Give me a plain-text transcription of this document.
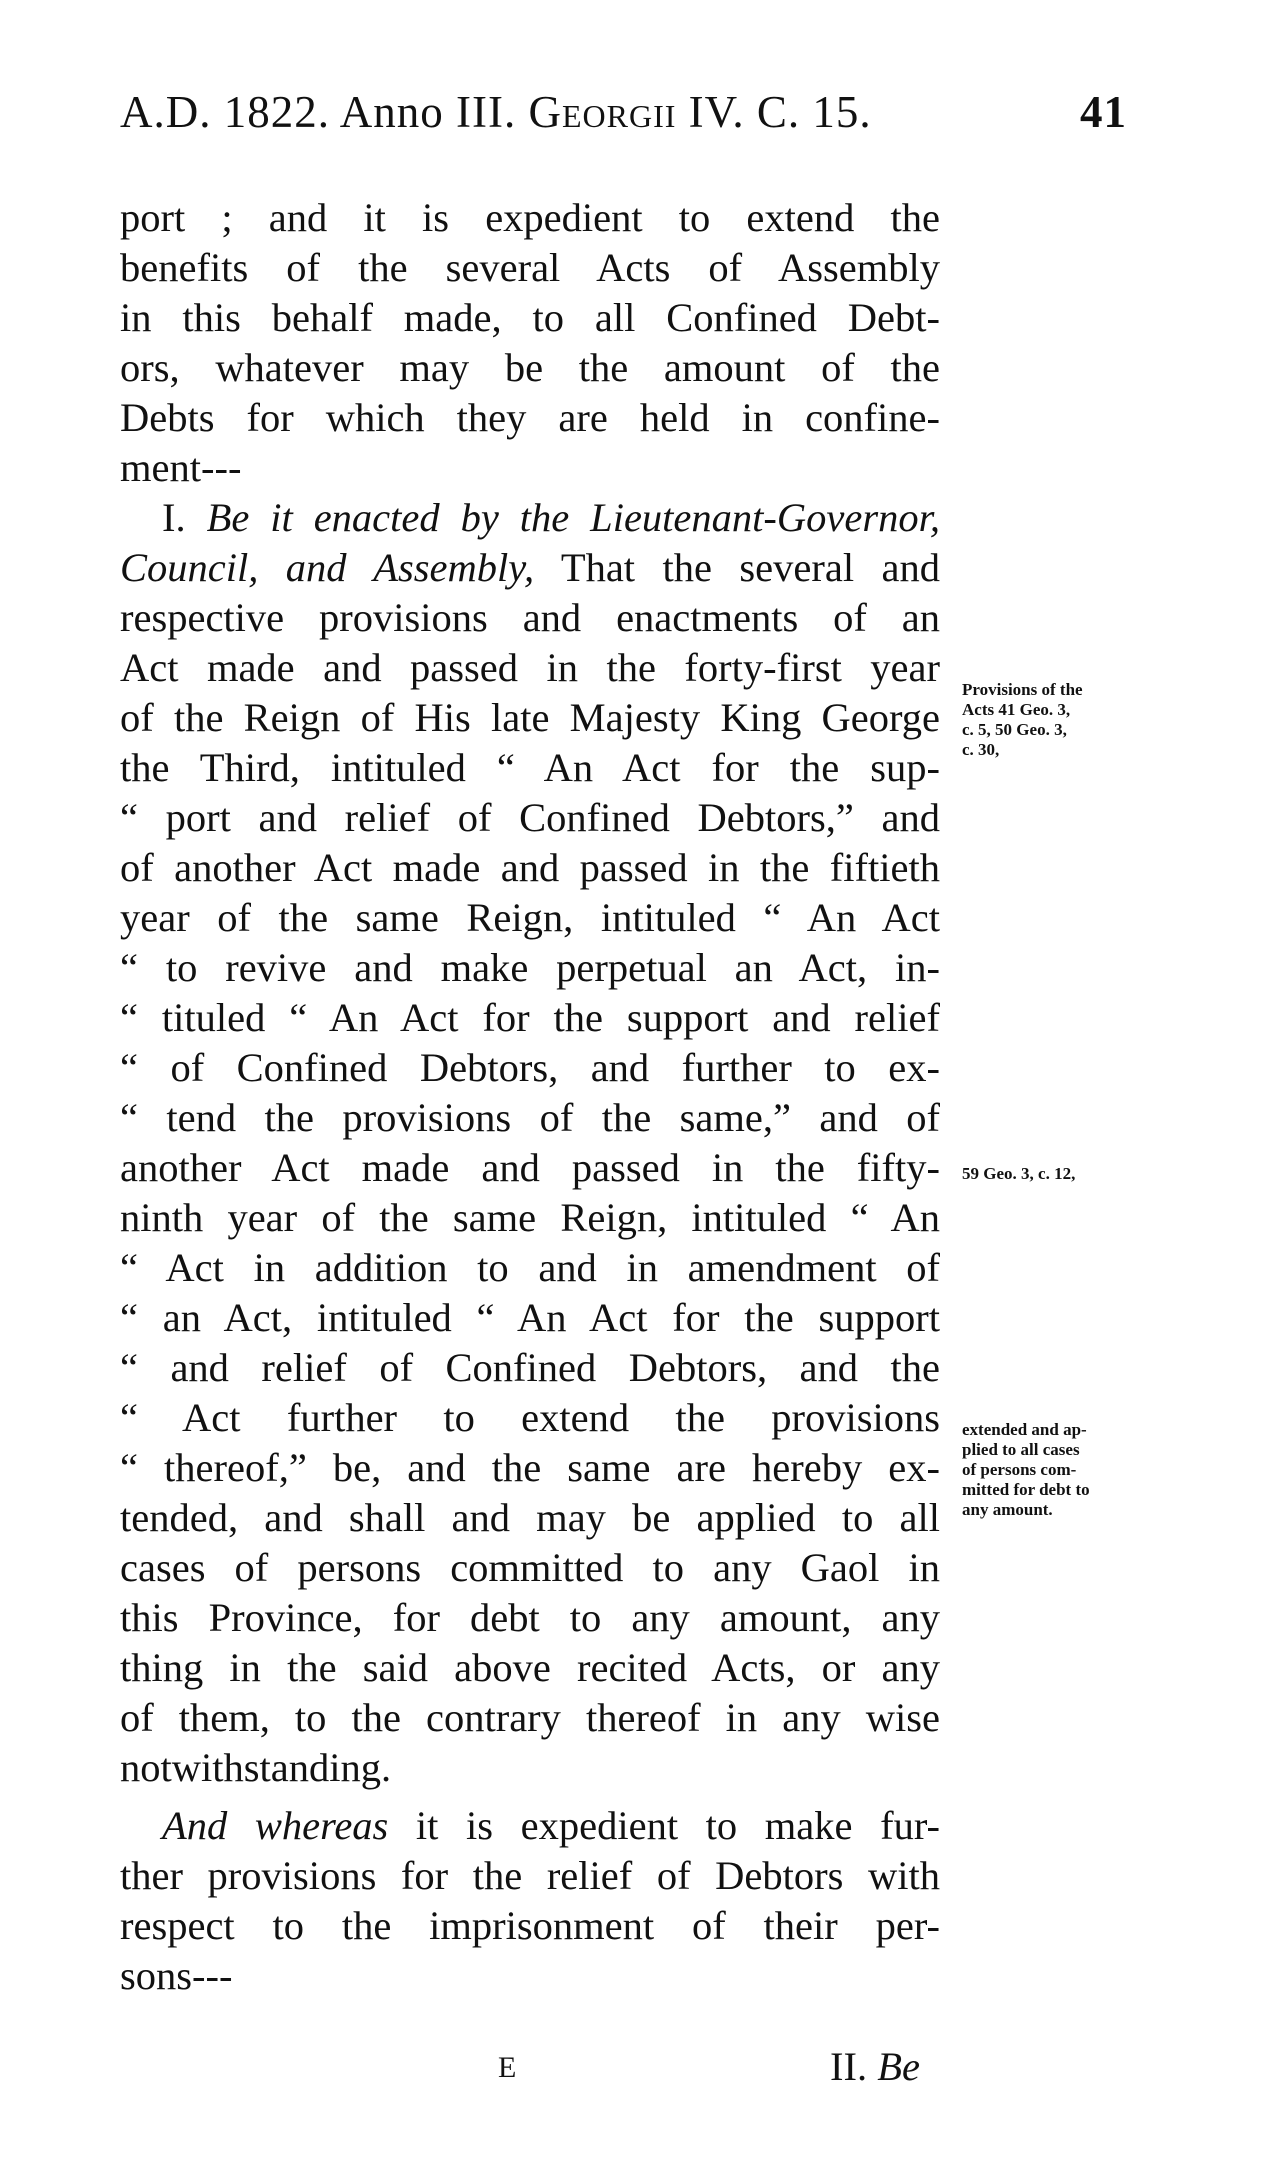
A.D. 1822. Anno III. Georgii IV. C. 15.	41
port ; and it is expedient to extend the
benefits of the several Acts of Assembly
in this behalf made, to all Confined Debt-
ors, whatever may be the amount of the
Debts for which they are held in confine-
ment---
I. Be it enacted by the Lieutenant-Governor,
Council, and Assembly, That the several and
respective provisions and enactments of an
Act made and passed in the forty-first year
of the Reign of His late Majesty King George
the Third, intituled “ An Act for the sup-
“ port and relief of Confined Debtors,” and
of another Act made and passed in the fiftieth
year of the same Reign, intituled “ An Act
“ to revive and make perpetual an Act, in-
“ tituled “ An Act for the support and relief
“ of Confined Debtors, and further to ex-
“ tend the provisions of the same,” and of
another Act made and passed in the fifty-
ninth year of the same Reign, intituled “ An
“ Act in addition to and in amendment of
“ an Act, intituled “ An Act for the support
“ and relief of Confined Debtors, and the
“ Act further to extend the provisions
“ thereof,” be, and the same are hereby ex-
tended, and shall and may be applied to all
cases of persons committed to any Gaol in
this Province, for debt to any amount, any
thing in the said above recited Acts, or any
of them, to the contrary thereof in any wise
notwithstanding.
And whereas it is expedient to make fur-
ther provisions for the relief of Debtors with
respect to the imprisonment of their per-
sons---
Provisions of the
Acts 41 Geo. 3,
c. 5, 50 Geo. 3,
c. 30,
59 Geo. 3, c. 12,
extended and ap-
plied to all cases
of persons com-
mitted for debt to
any amount.
E	II. Be
